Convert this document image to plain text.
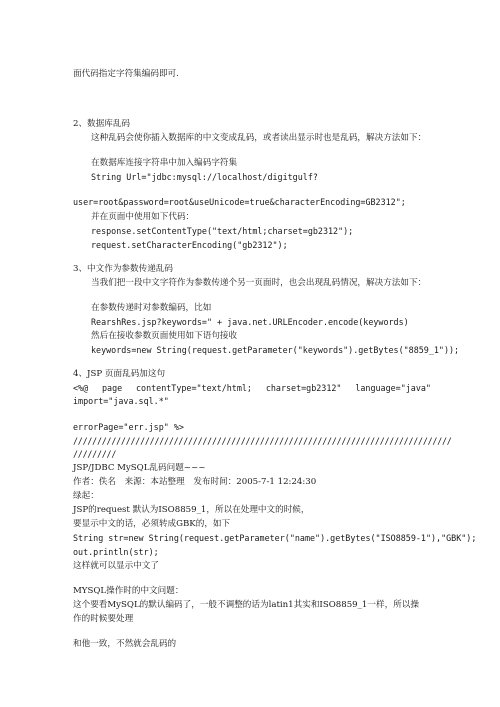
面代码指定字符集编码即可.
2、数据库乱码
这种乱码会使你插入数据库的中文变成乱码，或者读出显示时也是乱码，解决方法如下：
在数据库连接字符串中加入编码字符集
String Url="jdbc:mysql://localhost/digitgulf?
user=root&password=root&useUnicode=true&characterEncoding=GB2312";
并在页面中使用如下代码：
response.setContentType("text/html;charset=gb2312");
request.setCharacterEncoding("gb2312");
3、中文作为参数传递乱码
当我们把一段中文字符作为参数传递个另一页面时，也会出现乱码情况，解决方法如下：
在参数传递时对参数编码，比如
RearshRes.jsp?keywords=" + java.net.URLEncoder.encode(keywords)
然后在接收参数页面使用如下语句接收
keywords=new String(request.getParameter("keywords").getBytes("8859_1"));
4、JSP 页面乱码加这句
<%@ page contentType="text/html; charset=gb2312" language="java"
import="java.sql.*"
errorPage="err.jsp" %>
///////////////////////////////////////////////////////////////////////////////
/////////
JSP/JDBC MySQL乱码问题~~~
作者：佚名　来源：本站整理　发布时间：2005-7-1 12:24:30
绿起：
JSP的request 默认为ISO8859_1，所以在处理中文的时候，
要显示中文的话，必须转成GBK的，如下
String str=new String(request.getParameter("name").getBytes("ISO8859-1"),"GBK");
out.println(str);
这样就可以显示中文了
MYSQL操作时的中文问题：
这个要看MySQL的默认编码了，一般不调整的话为latin1其实和ISO8859_1一样，所以操
作的时候要处理
和他一致，不然就会乱码的
